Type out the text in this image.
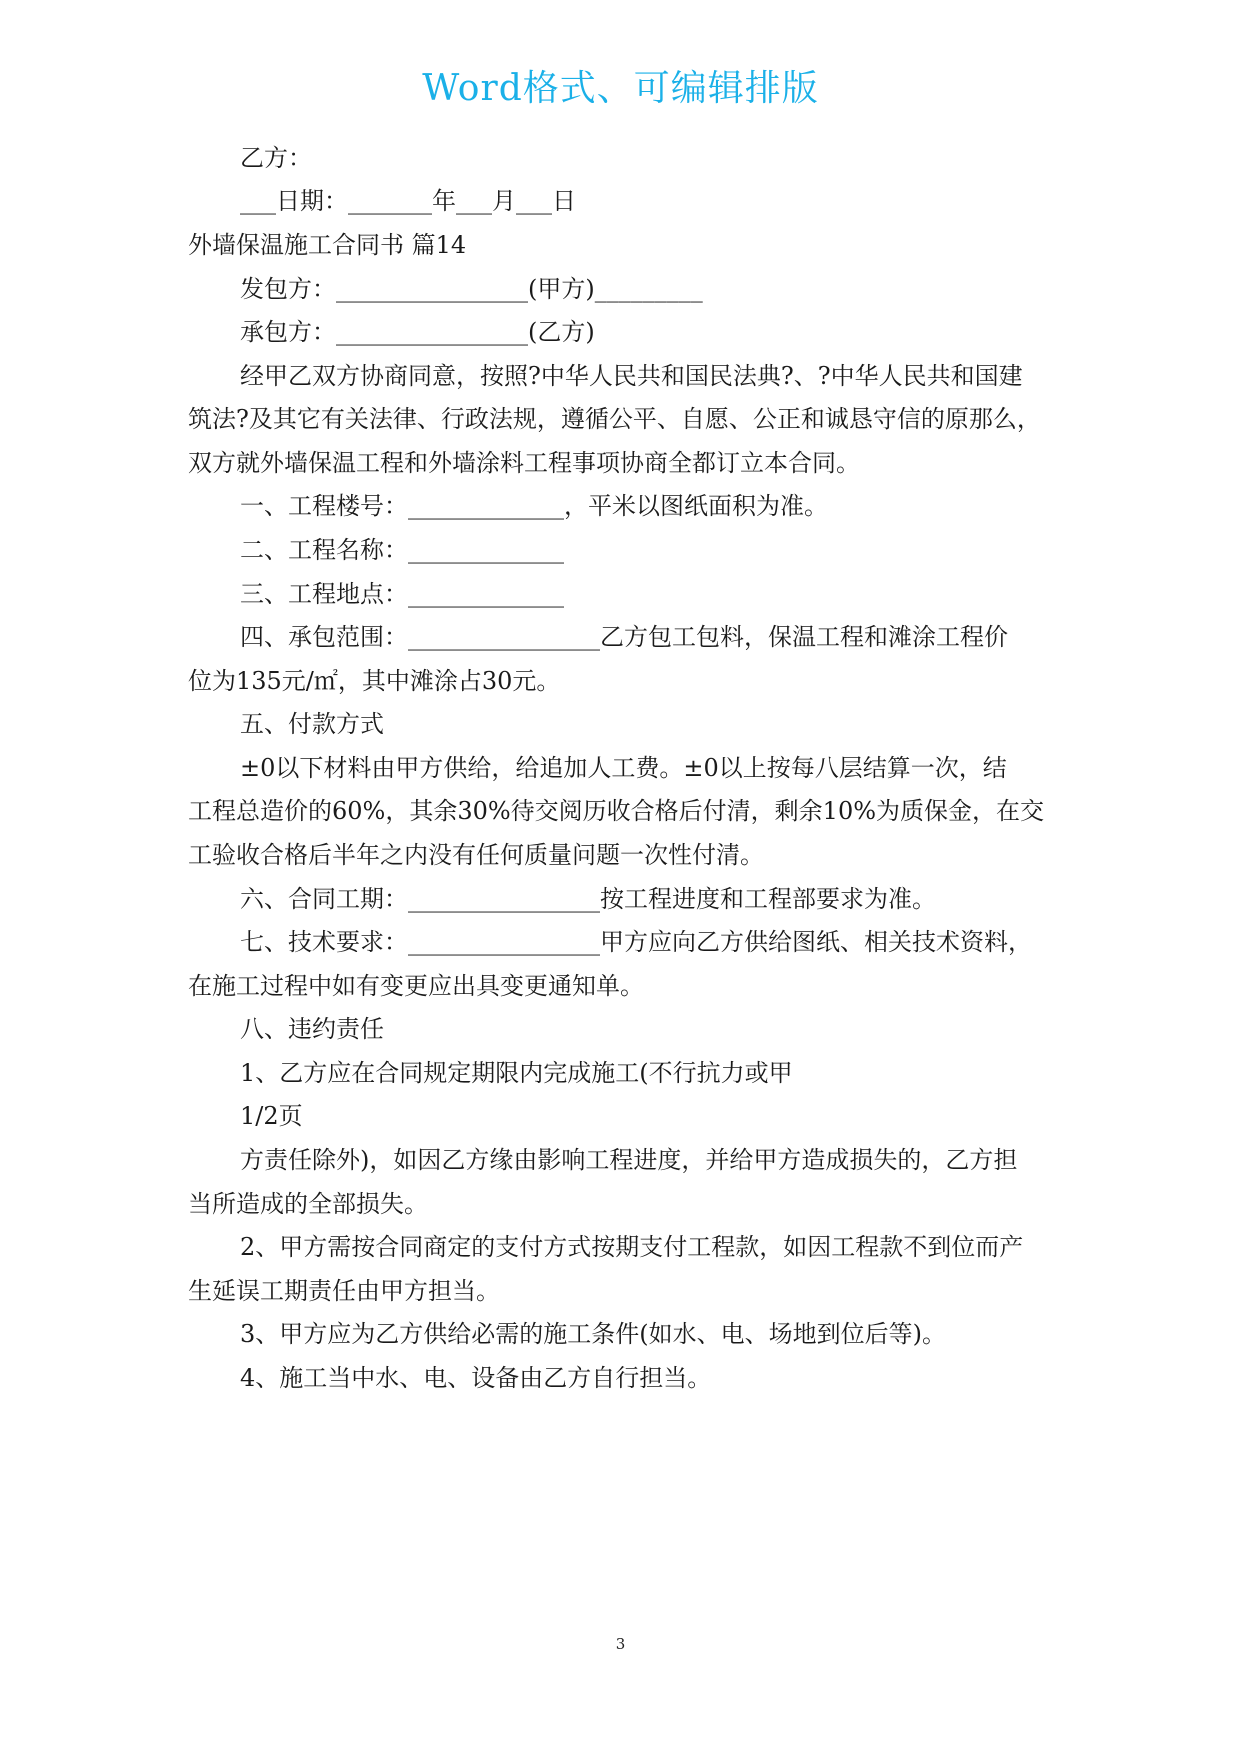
Word格式、可编辑排版
乙方：
___日期：_______年___月___日
外墙保温施工合同书 篇14
发包方：________________(甲方)_________
承包方：________________(乙方)
经甲乙双方协商同意，按照?中华人民共和国民法典?、?中华人民共和国建
筑法?及其它有关法律、行政法规，遵循公平、自愿、公正和诚恳守信的原那么，
双方就外墙保温工程和外墙涂料工程事项协商全都订立本合同。
一、工程楼号：_____________，平米以图纸面积为准。
二、工程名称：_____________
三、工程地点：_____________
四、承包范围：________________乙方包工包料，保温工程和滩涂工程价
位为135元/㎡，其中滩涂占30元。
五、付款方式
±0以下材料由甲方供给，给追加人工费。±0以上按每八层结算一次，结
工程总造价的60%，其余30%待交阅历收合格后付清，剩余10%为质保金，在交
工验收合格后半年之内没有任何质量问题一次性付清。
六、合同工期：________________按工程进度和工程部要求为准。
七、技术要求：________________甲方应向乙方供给图纸、相关技术资料，
在施工过程中如有变更应出具变更通知单。
八、违约责任
1、乙方应在合同规定期限内完成施工(不行抗力或甲
1/2页
方责任除外)，如因乙方缘由影响工程进度，并给甲方造成损失的，乙方担
当所造成的全部损失。
2、甲方需按合同商定的支付方式按期支付工程款，如因工程款不到位而产
生延误工期责任由甲方担当。
3、甲方应为乙方供给必需的施工条件(如水、电、场地到位后等)。
4、施工当中水、电、设备由乙方自行担当。
3
